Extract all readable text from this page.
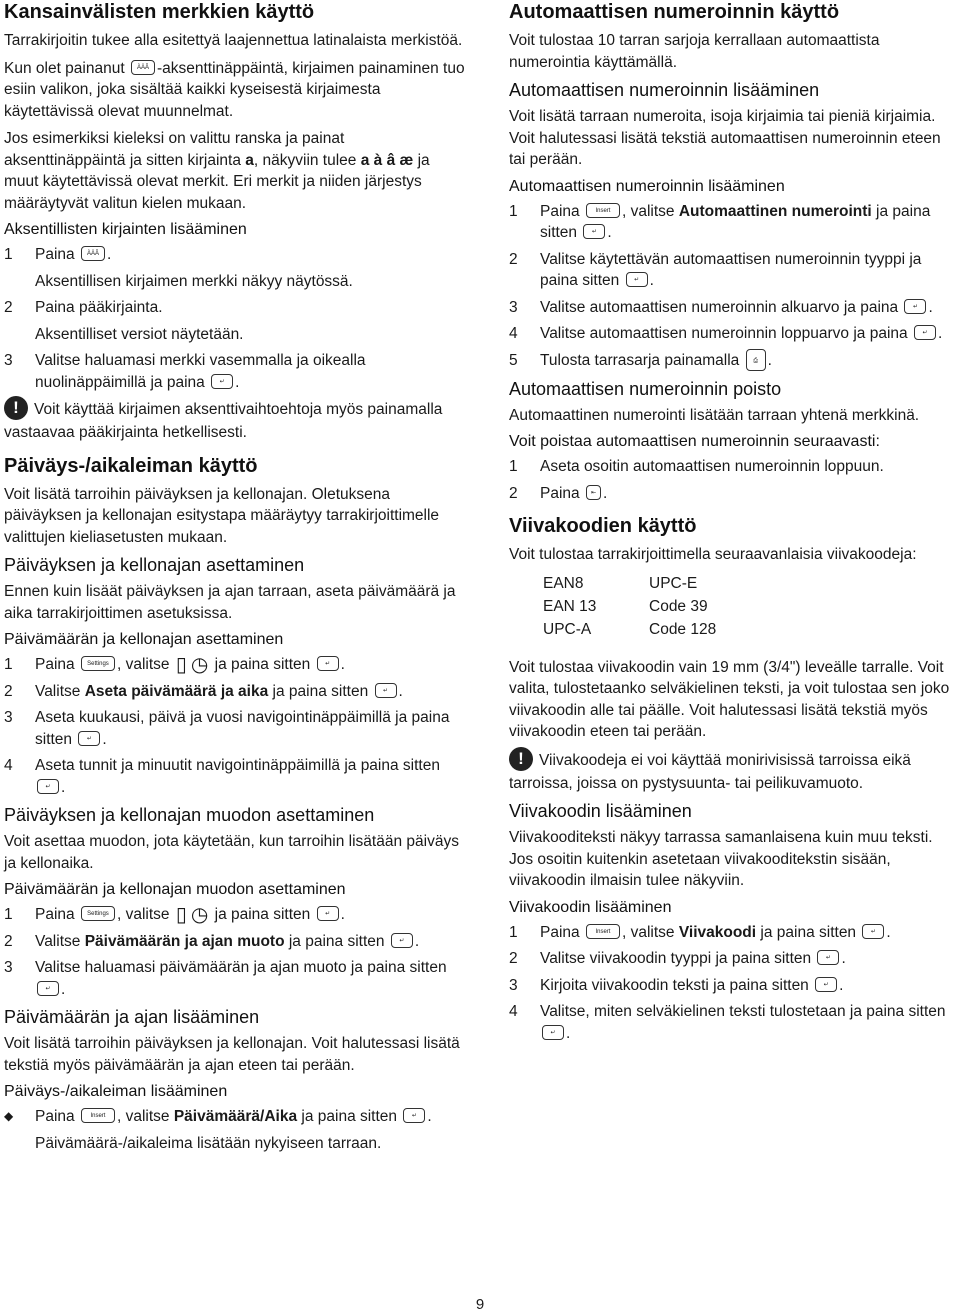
Kansainvälisten merkkien käyttö
Tarrakirjoitin tukee alla esitettyä laajennettua latinalaista merkistöä.
Kun olet painanut ÀÄÂ -aksenttinäppäintä, kirjaimen painaminen tuo esiin valikon, joka sisältää kaikki kyseisestä kirjaimesta käytettävissä olevat muunnelmat.
Jos esimerkiksi kieleksi on valittu ranska ja painat aksenttinäppäintä ja sitten kirjainta a, näkyviin tulee a à â æ ja muut käytettävissä olevat merkit. Eri merkit ja niiden järjestys määräytyvät valitun kielen mukaan.
Aksentillisten kirjainten lisääminen
1	Paina ÀÄÂ .
Aksentillisen kirjaimen merkki näkyy näytössä.
2	Paina pääkirjainta.
Aksentilliset versiot näytetään.
3	Valitse haluamasi merkki vasemmalla ja oikealla nuolinäppäimillä ja paina ↵ .
! Voit käyttää kirjaimen aksenttivaihtoehtoja myös painamalla vastaavaa pääkirjainta hetkellisesti.
Päiväys-/aikaleiman käyttö
Voit lisätä tarroihin päiväyksen ja kellonajan. Oletuksena päiväyksen ja kellonajan esitystapa määräytyy tarrakirjoittimelle valittujen kieliasetusten mukaan.
Päiväyksen ja kellonajan asettaminen
Ennen kuin lisäät päiväyksen ja ajan tarraan, aseta päivämäärä ja aika tarrakirjoittimen asetuksissa.
Päivämäärän ja kellonajan asettaminen
1	Paina Settings , valitse ▯ ◷ ja paina sitten ↵ .
2	Valitse Aseta päivämäärä ja aika ja paina sitten ↵ .
3	Aseta kuukausi, päivä ja vuosi navigointinäppäimillä ja paina sitten ↵ .
4	Aseta tunnit ja minuutit navigointinäppäimillä ja paina sitten ↵ .
Päiväyksen ja kellonajan muodon asettaminen
Voit asettaa muodon, jota käytetään, kun tarroihin lisätään päiväys ja kellonaika.
Päivämäärän ja kellonajan muodon asettaminen
1	Paina Settings , valitse ▯ ◷ ja paina sitten ↵ .
2	Valitse Päivämäärän ja ajan muoto ja paina sitten ↵ .
3	Valitse haluamasi päivämäärän ja ajan muoto ja paina sitten ↵ .
Päivämäärän ja ajan lisääminen
Voit lisätä tarroihin päiväyksen ja kellonajan. Voit halutessasi lisätä tekstiä myös päivämäärän ja ajan eteen tai perään.
Päiväys-/aikaleiman lisääminen
◆	Paina	Insert , valitse Päivämäärä/Aika ja paina sitten ↵ .
Päivämäärä-/aikaleima lisätään nykyiseen tarraan.
Automaattisen numeroinnin käyttö
Voit tulostaa 10 tarran sarjoja kerrallaan automaattista numerointia käyttämällä.
Automaattisen numeroinnin lisääminen
Voit lisätä tarraan numeroita, isoja kirjaimia tai pieniä kirjaimia. Voit halutessasi lisätä tekstiä automaattisen numeroinnin eteen tai perään.
Automaattisen numeroinnin lisääminen
1	Paina	Insert , valitse Automaattinen numerointi ja paina sitten ↵ .
2	Valitse käytettävän automaattisen numeroinnin tyyppi ja paina sitten ↵ .
3	Valitse automaattisen numeroinnin alkuarvo ja paina ↵ .
4	Valitse automaattisen numeroinnin loppuarvo ja paina ↵ .
5	Tulosta tarrasarja painamalla ⎙ .
Automaattisen numeroinnin poisto
Automaattinen numerointi lisätään tarraan yhtenä merkkinä.
Voit poistaa automaattisen numeroinnin seuraavasti:
1	Aseta osoitin automaattisen numeroinnin loppuun.
2	Paina ⇤ .
Viivakoodien käyttö
Voit tulostaa tarrakirjoittimella seuraavanlaisia viivakoodeja:
EAN8	UPC-E
EAN 13	Code 39
UPC-A	Code 128
Voit tulostaa viivakoodin vain 19 mm (3/4") leveälle tarralle. Voit valita, tulostetaanko selväkielinen teksti, ja voit tulostaa sen joko viivakoodin alle tai päälle. Voit halutessasi lisätä tekstiä myös viivakoodin eteen tai perään.
! Viivakoodeja ei voi käyttää monirivisissä tarroissa eikä tarroissa, joissa on pystysuunta- tai peilikuvamuoto.
Viivakoodin lisääminen
Viivakooditeksti näkyy tarrassa samanlaisena kuin muu teksti. Jos osoitin kuitenkin asetetaan viivakooditekstin sisään, viivakoodin ilmaisin tulee näkyviin.
Viivakoodin lisääminen
1	Paina	Insert , valitse Viivakoodi ja paina sitten ↵ .
2	Valitse viivakoodin tyyppi ja paina sitten ↵ .
3	Kirjoita viivakoodin teksti ja paina sitten ↵ .
4	Valitse, miten selväkielinen teksti tulostetaan ja paina sitten ↵ .
9
